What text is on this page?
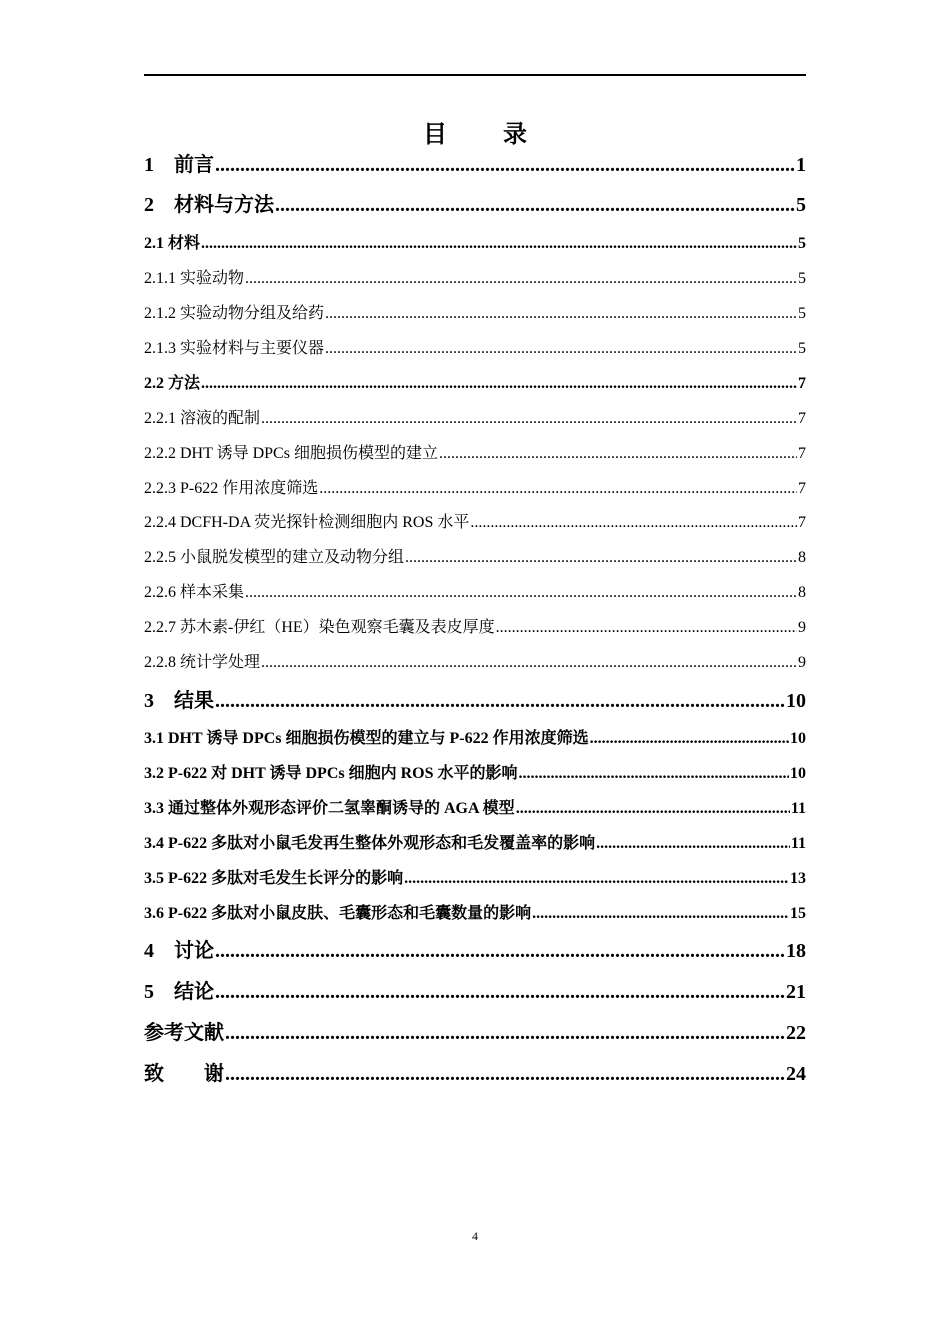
目 录
1　前言 .....	1
2　材料与方法 .....	5
2.1 材料 .....	5
2.1.1 实验动物 .....	5
2.1.2 实验动物分组及给药 .....	5
2.1.3 实验材料与主要仪器 .....	5
2.2 方法 .....	7
2.2.1 溶液的配制 .....	7
2.2.2 DHT 诱导 DPCs 细胞损伤模型的建立 .....	7
2.2.3 P-622 作用浓度筛选 .....	7
2.2.4 DCFH-DA 荧光探针检测细胞内 ROS 水平 .....	7
2.2.5 小鼠脱发模型的建立及动物分组 .....	8
2.2.6 样本采集 .....	8
2.2.7 苏木素-伊红（HE）染色观察毛囊及表皮厚度 .....	9
2.2.8 统计学处理 .....	9
3　结果 .....	10
3.1 DHT 诱导 DPCs 细胞损伤模型的建立与 P-622 作用浓度筛选 .....	10
3.2 P-622 对 DHT 诱导 DPCs 细胞内 ROS 水平的影响 .....	10
3.3 通过整体外观形态评价二氢睾酮诱导的 AGA 模型 .....	11
3.4 P-622 多肽对小鼠毛发再生整体外观形态和毛发覆盖率的影响 .....	11
3.5 P-622 多肽对毛发生长评分的影响 .....	13
3.6 P-622 多肽对小鼠皮肤、毛囊形态和毛囊数量的影响 .....	15
4　讨论 .....	18
5　结论 .....	21
参考文献 .....	22
致　　谢 .....	24
4
